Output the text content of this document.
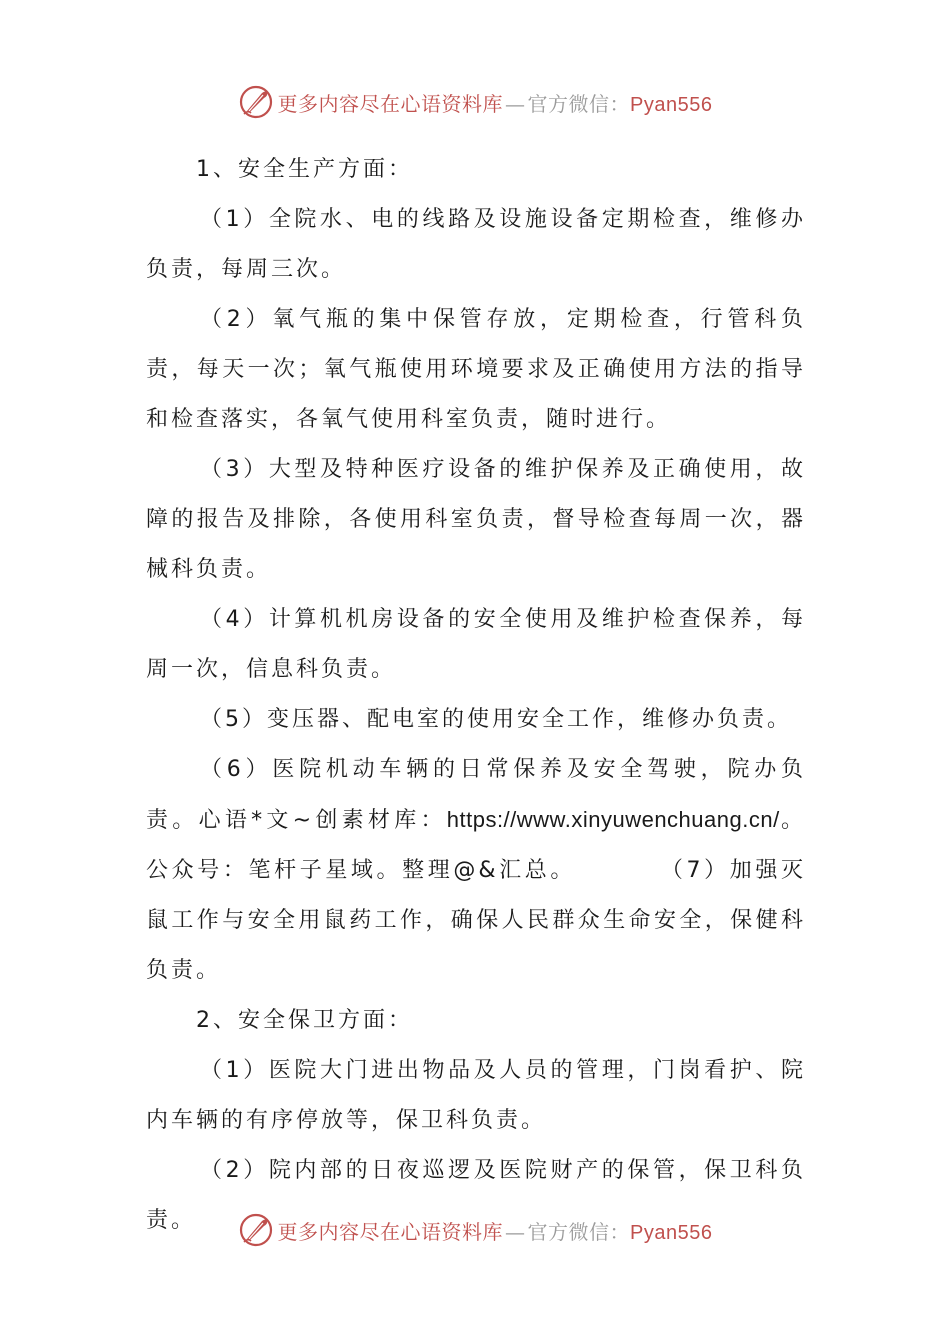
更多内容尽在心语资料库 — 官方微信：Pyan556

1、安全生产方面：

（1）全院水、电的线路及设施设备定期检查，维修办负责，每周三次。

（2）氧气瓶的集中保管存放，定期检查，行管科负责，每天一次；氧气瓶使用环境要求及正确使用方法的指导和检查落实，各氧气使用科室负责，随时进行。

（3）大型及特种医疗设备的维护保养及正确使用，故障的报告及排除，各使用科室负责，督导检查每周一次，器械科负责。

（4）计算机机房设备的安全使用及维护检查保养，每周一次，信息科负责。

（5）变压器、配电室的使用安全工作，维修办负责。

（6）医院机动车辆的日常保养及安全驾驶，院办负责。心语*文~创素材库：https://www.xinyuwenchuang.cn/。公众号：笔杆子星域。整理@&汇总。	（7）加强灭鼠工作与安全用鼠药工作，确保人民群众生命安全，保健科负责。

2、安全保卫方面：

（1）医院大门进出物品及人员的管理，门岗看护、院内车辆的有序停放等，保卫科负责。

（2）院内部的日夜巡逻及医院财产的保管，保卫科负责。	更多内容尽在心语资料库 — 官方微信：Pyan556
